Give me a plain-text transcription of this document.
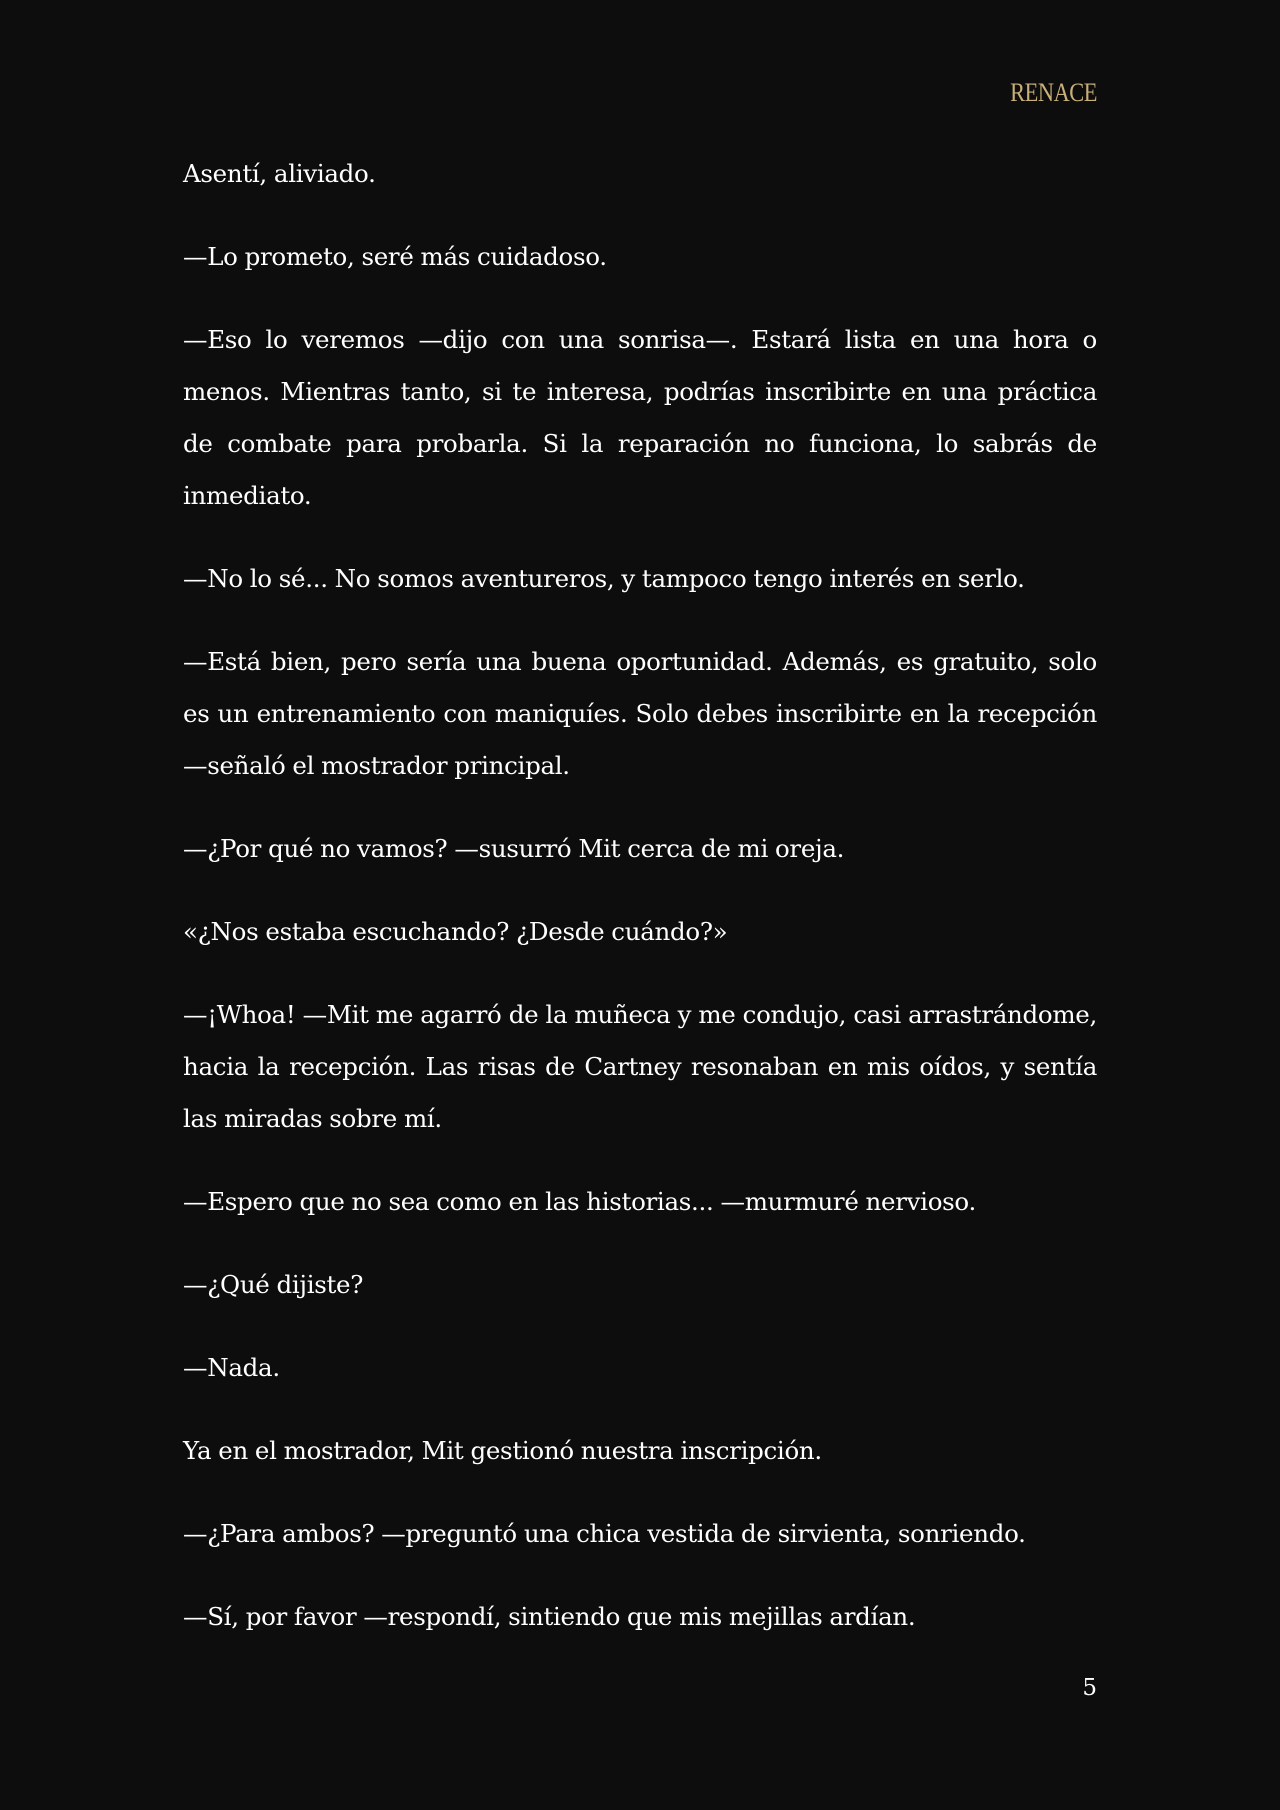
RENACE

Asentí, aliviado.

—Lo prometo, seré más cuidadoso.

—Eso lo veremos —dijo con una sonrisa—. Estará lista en una hora o menos. Mientras tanto, si te interesa, podrías inscribirte en una práctica de combate para probarla. Si la reparación no funciona, lo sabrás de inmediato.

—No lo sé... No somos aventureros, y tampoco tengo interés en serlo.

—Está bien, pero sería una buena oportunidad. Además, es gratuito, solo es un entrenamiento con maniquíes. Solo debes inscribirte en la recepción —señaló el mostrador principal.

—¿Por qué no vamos? —susurró Mit cerca de mi oreja.

«¿Nos estaba escuchando? ¿Desde cuándo?»

—¡Whoa! —Mit me agarró de la muñeca y me condujo, casi arrastrándome, hacia la recepción. Las risas de Cartney resonaban en mis oídos, y sentía las miradas sobre mí.

—Espero que no sea como en las historias... —murmuré nervioso.

—¿Qué dijiste?

—Nada.

Ya en el mostrador, Mit gestionó nuestra inscripción.

—¿Para ambos? —preguntó una chica vestida de sirvienta, sonriendo.

—Sí, por favor —respondí, sintiendo que mis mejillas ardían.

5
